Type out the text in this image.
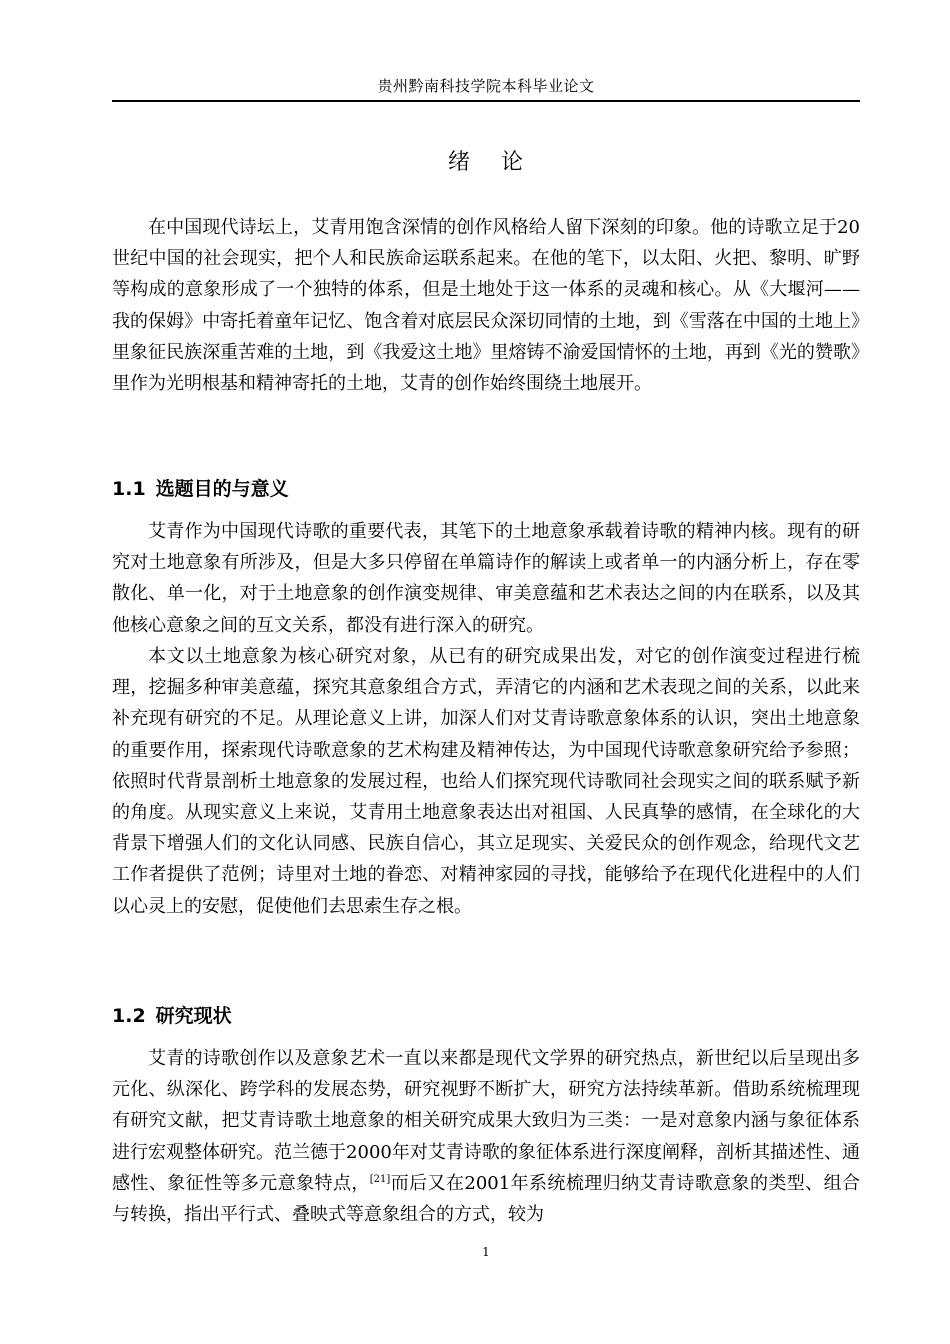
贵州黔南科技学院本科毕业论文
绪 论

在中国现代诗坛上，艾青用饱含深情的创作风格给人留下深刻的印象。他的诗歌立足于20世纪中国的社会现实，把个人和民族命运联系起来。在他的笔下，以太阳、火把、黎明、旷野等构成的意象形成了一个独特的体系，但是土地处于这一体系的灵魂和核心。从《大堰河——我的保姆》中寄托着童年记忆、饱含着对底层民众深切同情的土地，到《雪落在中国的土地上》里象征民族深重苦难的土地，到《我爱这土地》里熔铸不渝爱国情怀的土地，再到《光的赞歌》里作为光明根基和精神寄托的土地，艾青的创作始终围绕土地展开。

1.1 选题目的与意义

艾青作为中国现代诗歌的重要代表，其笔下的土地意象承载着诗歌的精神内核。现有的研究对土地意象有所涉及，但是大多只停留在单篇诗作的解读上或者单一的内涵分析上，存在零散化、单一化，对于土地意象的创作演变规律、审美意蕴和艺术表达之间的内在联系，以及其他核心意象之间的互文关系，都没有进行深入的研究。

本文以土地意象为核心研究对象，从已有的研究成果出发，对它的创作演变过程进行梳理，挖掘多种审美意蕴，探究其意象组合方式，弄清它的内涵和艺术表现之间的关系，以此来补充现有研究的不足。从理论意义上讲，加深人们对艾青诗歌意象体系的认识，突出土地意象的重要作用，探索现代诗歌意象的艺术构建及精神传达，为中国现代诗歌意象研究给予参照；依照时代背景剖析土地意象的发展过程，也给人们探究现代诗歌同社会现实之间的联系赋予新的角度。从现实意义上来说，艾青用土地意象表达出对祖国、人民真挚的感情，在全球化的大背景下增强人们的文化认同感、民族自信心，其立足现实、关爱民众的创作观念，给现代文艺工作者提供了范例；诗里对土地的眷恋、对精神家园的寻找，能够给予在现代化进程中的人们以心灵上的安慰，促使他们去思索生存之根。

1.2 研究现状

艾青的诗歌创作以及意象艺术一直以来都是现代文学界的研究热点，新世纪以后呈现出多元化、纵深化、跨学科的发展态势，研究视野不断扩大，研究方法持续革新。借助系统梳理现有研究文献，把艾青诗歌土地意象的相关研究成果大致归为三类：一是对意象内涵与象征体系进行宏观整体研究。范兰德于2000年对艾青诗歌的象征体系进行深度阐释，剖析其描述性、通感性、象征性等多元意象特点，[21]而后又在2001年系统梳理归纳艾青诗歌意象的类型、组合与转换，指出平行式、叠映式等意象组合的方式，较为

1
